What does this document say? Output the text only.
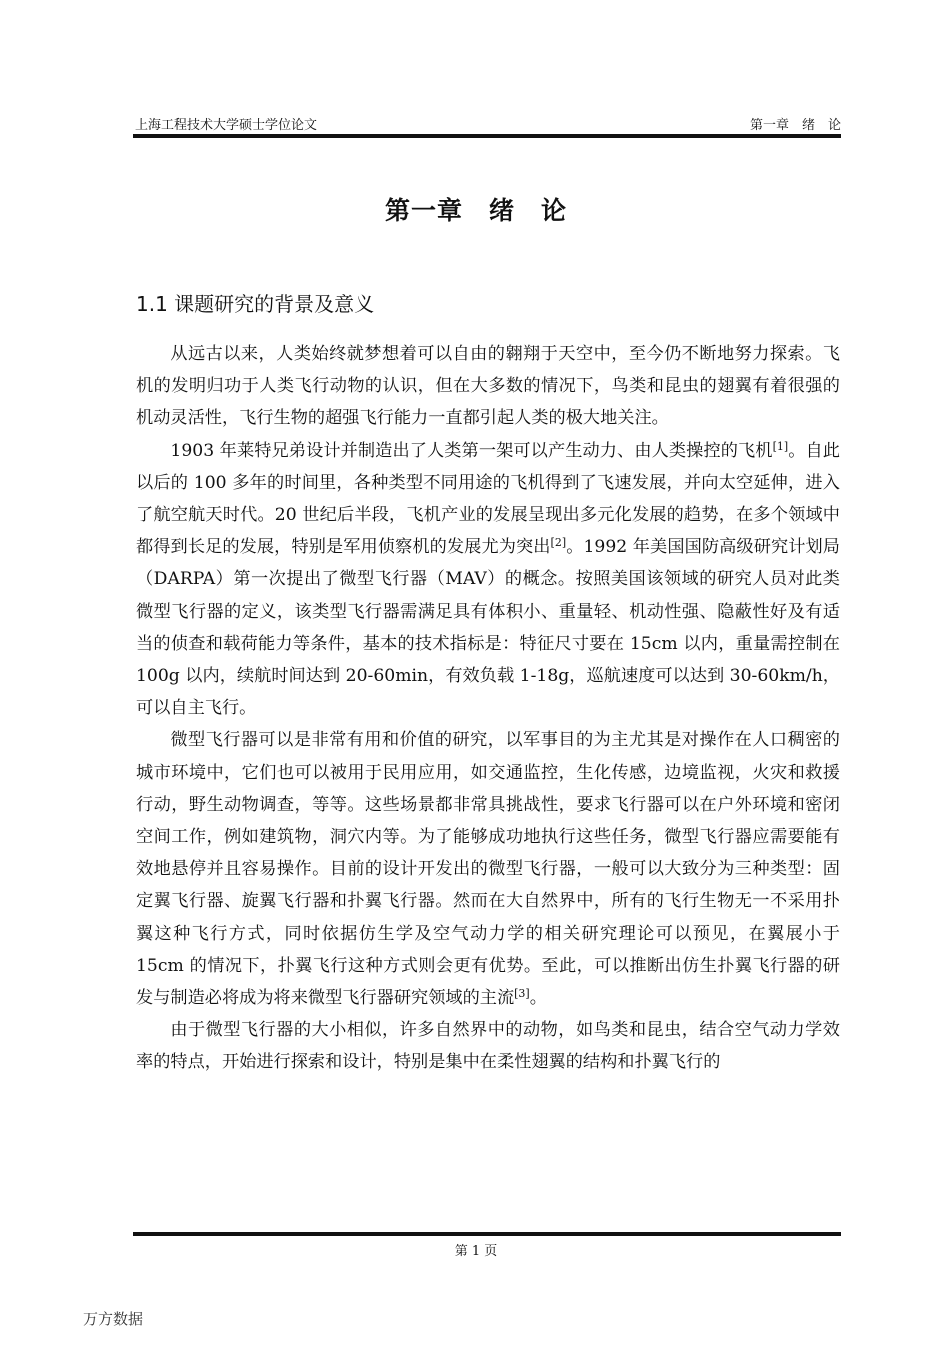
上海工程技术大学硕士学位论文	第一章　绪　论
第一章　绪　论
1.1 课题研究的背景及意义

从远古以来，人类始终就梦想着可以自由的翱翔于天空中，至今仍不断地努力探索。飞机的发明归功于人类飞行动物的认识，但在大多数的情况下，鸟类和昆虫的翅翼有着很强的机动灵活性，飞行生物的超强飞行能力一直都引起人类的极大地关注。

1903 年莱特兄弟设计并制造出了人类第一架可以产生动力、由人类操控的飞机[1]。自此以后的 100 多年的时间里，各种类型不同用途的飞机得到了飞速发展，并向太空延伸，进入了航空航天时代。20 世纪后半段，飞机产业的发展呈现出多元化发展的趋势，在多个领域中都得到长足的发展，特别是军用侦察机的发展尤为突出[2]。1992 年美国国防高级研究计划局（DARPA）第一次提出了微型飞行器（MAV）的概念。按照美国该领域的研究人员对此类微型飞行器的定义，该类型飞行器需满足具有体积小、重量轻、机动性强、隐蔽性好及有适当的侦查和载荷能力等条件，基本的技术指标是：特征尺寸要在 15cm 以内，重量需控制在 100g 以内，续航时间达到 20-60min，有效负载 1-18g，巡航速度可以达到 30-60km/h，可以自主飞行。

微型飞行器可以是非常有用和价值的研究，以军事目的为主尤其是对操作在人口稠密的城市环境中，它们也可以被用于民用应用，如交通监控，生化传感，边境监视，火灾和救援行动，野生动物调查，等等。这些场景都非常具挑战性，要求飞行器可以在户外环境和密闭空间工作，例如建筑物，洞穴内等。为了能够成功地执行这些任务，微型飞行器应需要能有效地悬停并且容易操作。目前的设计开发出的微型飞行器，一般可以大致分为三种类型：固定翼飞行器、旋翼飞行器和扑翼飞行器。然而在大自然界中，所有的飞行生物无一不采用扑翼这种飞行方式，同时依据仿生学及空气动力学的相关研究理论可以预见，在翼展小于 15cm 的情况下，扑翼飞行这种方式则会更有优势。至此，可以推断出仿生扑翼飞行器的研发与制造必将成为将来微型飞行器研究领域的主流[3]。

由于微型飞行器的大小相似，许多自然界中的动物，如鸟类和昆虫，结合空气动力学效率的特点，开始进行探索和设计，特别是集中在柔性翅翼的结构和扑翼飞行的

第 1 页
万方数据
